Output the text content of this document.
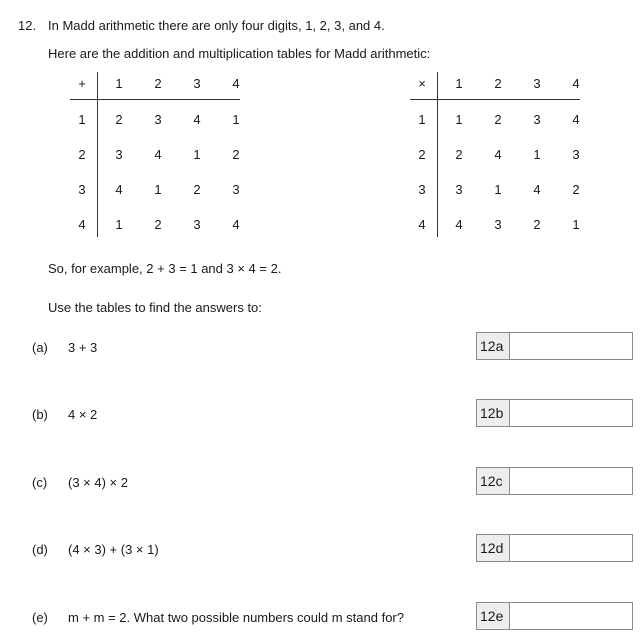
12. In Madd arithmetic there are only four digits, 1, 2, 3, and 4.
Here are the addition and multiplication tables for Madd arithmetic:
+	1	2	3	4
1	2	3	4	1
2	3	4	1	2
3	4	1	2	3
4	1	2	3	4
×	1	2	3	4
1	1	2	3	4
2	2	4	1	3
3	3	1	4	2
4	4	3	2	1
So, for example, 2 + 3 = 1 and 3 × 4 = 2.
Use the tables to find the answers to:
(a) 3 + 3	12a
(b) 4 × 2	12b
(c) (3 × 4) × 2	12c
(d) (4 × 3) + (3 × 1)	12d
(e) m + m = 2. What two possible numbers could m stand for?	12e
